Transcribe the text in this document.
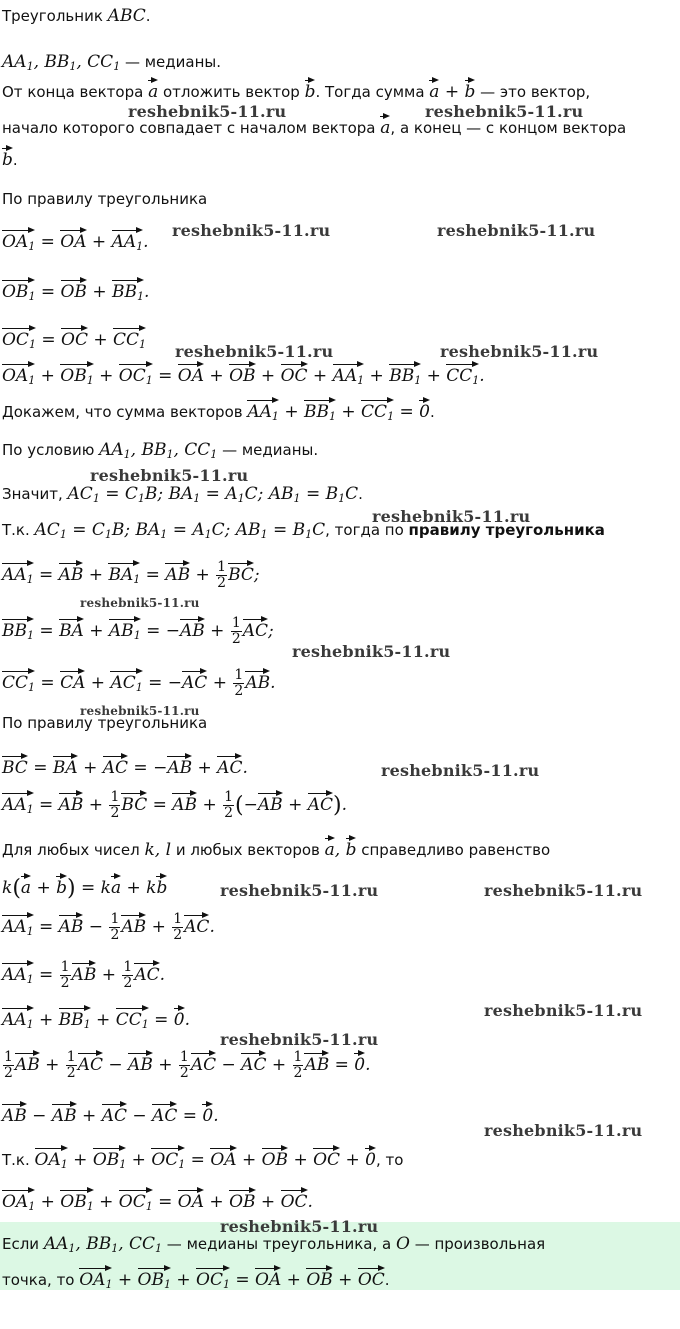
Треугольник ABC.
$AA_1$, $BB_1$, $CC_1$ — медианы.
От конца вектора a отложить вектор b. Тогда сумма a + b — это вектор,
начало которого совпадает с началом вектора a, а конец — с концом вектора
b.
По правилу треугольника
$OA_1$ = OA + $AA_1$.
$OB_1$ = OB + $BB_1$.
$OC_1$ = OC + $CC_1$
$OA_1 + OB_1 + OC_1$ = OA + OB + OC + $AA_1 + BB_1 + CC_1$.
Докажем, что сумма векторов $AA_1 + BB_1 + CC_1 = 0$.
По условию $AA_1$, $BB_1$, $CC_1$ — медианы.
Значит, $AC_1 = C_1B$; $BA_1 = A_1C$; $AB_1 = B_1C$.
Т.к. $AC_1 = C_1B$; $BA_1 = A_1C$; $AB_1 = B_1C$, тогда по правилу треугольника
$AA_1$ = AB + $BA_1$ = AB + $\frac{1}{2}$ BC;
$BB_1$ = BA + $AB_1 = -AB + \frac{1}{2}$ AC;
$CC_1$ = CA + $AC_1 = -AC + \frac{1}{2}$ AB.
По правилу треугольника
BC = BA + AC = −AB + AC.
$AA_1$ = AB + $\frac{1}{2}$ BC = AB + $\frac{1}{2} (-AB + AC)$.
Для любых чисел k, l и любых векторов a, b справедливо равенство
k(a + b) = ka + kb
$AA_1$ = AB − $\frac{1}{2}$ AB + $\frac{1}{2}$ AC.
$AA_1 = \frac{1}{2}$ AB + $\frac{1}{2}$ AC.
$AA_1 + BB_1 + CC_1 = 0$.
$\frac{1}{2}$ AB + $\frac{1}{2}$ AC − AB + $\frac{1}{2}$ AC − AC + $\frac{1}{2}$ AB = 0.
AB − AB + AC − AC = 0.
Т.к. $OA_1 + OB_1 + OC_1$ = OA + OB + OC + 0, то
$OA_1 + OB_1 + OC_1$ = OA + OB + OC.
Если $AA_1$, $BB_1$, $CC_1$ — медианы треугольника, а O — произвольная
точка, то $OA_1 + OB_1 + OC_1$ = OA + OB + OC.
reshebnik5-11.ru	reshebnik5-11.ru
reshebnik5-11.ru	reshebnik5-11.ru
reshebnik5-11.ru	reshebnik5-11.ru
reshebnik5-11.ru
reshebnik5-11.ru
reshebnik5-11.ru
reshebnik5-11.ru
reshebnik5-11.ru
reshebnik5-11.ru
reshebnik5-11.ru	reshebnik5-11.ru
reshebnik5-11.ru
reshebnik5-11.ru
reshebnik5-11.ru
reshebnik5-11.ru
